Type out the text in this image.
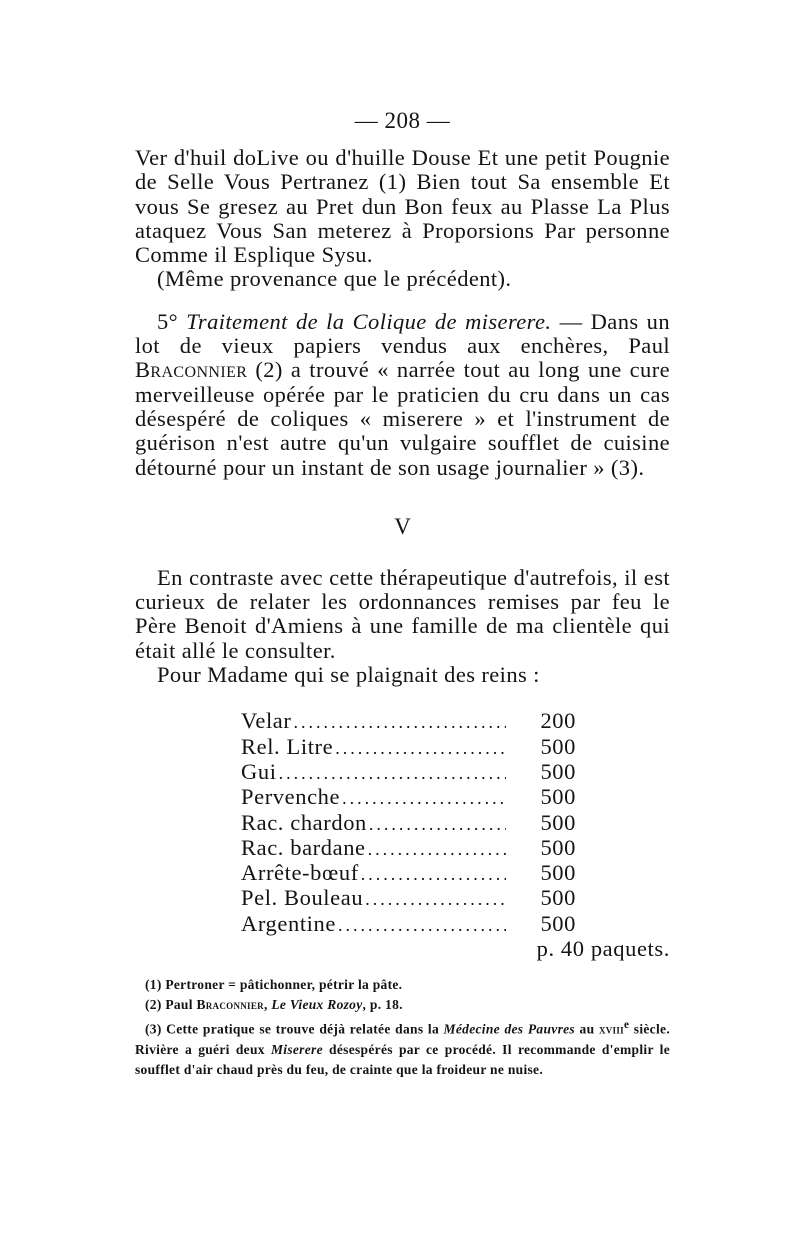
— 208 —

Ver d'huil doLive ou d'huille Douse Et une petit Pougnie de Selle Vous Pertranez (1) Bien tout Sa ensemble Et vous Se gresez au Pret dun Bon feux au Plasse La Plus ataquez Vous San meterez à Proporsions Par personne Comme il Esplique Sysu.

(Même provenance que le précédent).

5° Traitement de la Colique de miserere. — Dans un lot de vieux papiers vendus aux enchères, Paul Braconnier (2) a trouvé « narrée tout au long une cure merveilleuse opérée par le praticien du cru dans un cas désespéré de coliques « miserere » et l'instrument de guérison n'est autre qu'un vulgaire soufflet de cuisine détourné pour un instant de son usage journalier » (3).

V

En contraste avec cette thérapeutique d'autrefois, il est curieux de relater les ordonnances remises par feu le Père Benoit d'Amiens à une famille de ma clientèle qui était allé le consulter.

Pour Madame qui se plaignait des reins :

Velar .....	200
Rel. Litre .....	500
Gui .....	500
Pervenche .....	500
Rac. chardon .....	500
Rac. bardane .....	500
Arrête-bœuf .....	500
Pel. Bouleau .....	500
Argentine .....	500
p. 40 paquets.

(1) Pertroner = pâtichonner, pétrir la pâte.

(2) Paul Braconnier, Le Vieux Rozoy, p. 18.

(3) Cette pratique se trouve déjà relatée dans la Médecine des Pauvres au xviii$^e$ siècle. Rivière a guéri deux Miserere désespérés par ce procédé. Il recommande d'emplir le soufflet d'air chaud près du feu, de crainte que la froideur ne nuise.
